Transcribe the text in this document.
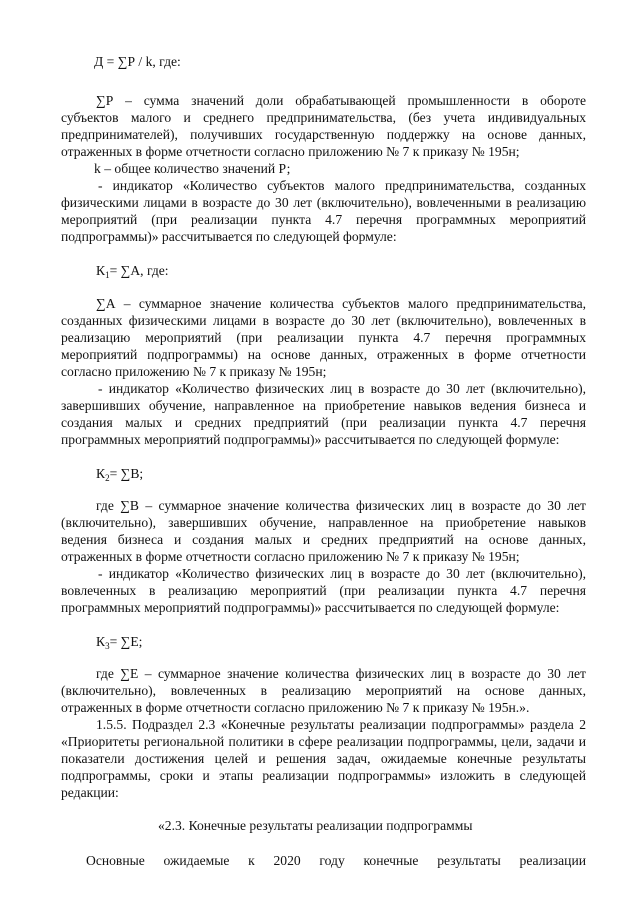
Д = ∑Р / k, где:
∑Р – сумма значений доли обрабатывающей промышленности в обороте
субъектов малого и среднего предпринимательства, (без учета индивидуальных
предпринимателей), получивших государственную поддержку на основе данных,
отраженных в форме отчетности согласно приложению № 7 к приказу № 195н;
k – общее количество значений Р;
- индикатор «Количество субъектов малого предпринимательства, созданных
физическими лицами в возрасте до 30 лет (включительно), вовлеченными в реализацию
мероприятий (при реализации пункта 4.7 перечня программных мероприятий
подпрограммы)» рассчитывается по следующей формуле:
$К_1= \sum А$, где:
∑А – суммарное значение количества субъектов малого предпринимательства,
созданных физическими лицами в возрасте до 30 лет (включительно), вовлеченных в
реализацию мероприятий (при реализации пункта 4.7 перечня программных
мероприятий подпрограммы) на основе данных, отраженных в форме отчетности
согласно приложению № 7 к приказу № 195н;
- индикатор «Количество физических лиц в возрасте до 30 лет (включительно),
завершивших обучение, направленное на приобретение навыков ведения бизнеса и
создания малых и средних предприятий (при реализации пункта 4.7 перечня
программных мероприятий подпрограммы)» рассчитывается по следующей формуле:
$К_2= \sum В$;
где ∑В – суммарное значение количества физических лиц в возрасте до 30 лет
(включительно), завершивших обучение, направленное на приобретение навыков
ведения бизнеса и создания малых и средних предприятий на основе данных,
отраженных в форме отчетности согласно приложению № 7 к приказу № 195н;
- индикатор «Количество физических лиц в возрасте до 30 лет (включительно),
вовлеченных в реализацию мероприятий (при реализации пункта 4.7 перечня
программных мероприятий подпрограммы)» рассчитывается по следующей формуле:
$К_3= \sum Е$;
где ∑Е – суммарное значение количества физических лиц в возрасте до 30 лет
(включительно), вовлеченных в реализацию мероприятий на основе данных,
отраженных в форме отчетности согласно приложению № 7 к приказу № 195н.».
1.5.5. Подраздел 2.3 «Конечные результаты реализации подпрограммы» раздела 2
«Приоритеты региональной политики в сфере реализации подпрограммы, цели, задачи и
показатели достижения целей и решения задач, ожидаемые конечные результаты
подпрограммы, сроки и этапы реализации подпрограммы» изложить в следующей
редакции:
«2.3. Конечные результаты реализации подпрограммы
Основные ожидаемые к 2020 году конечные результаты реализации
